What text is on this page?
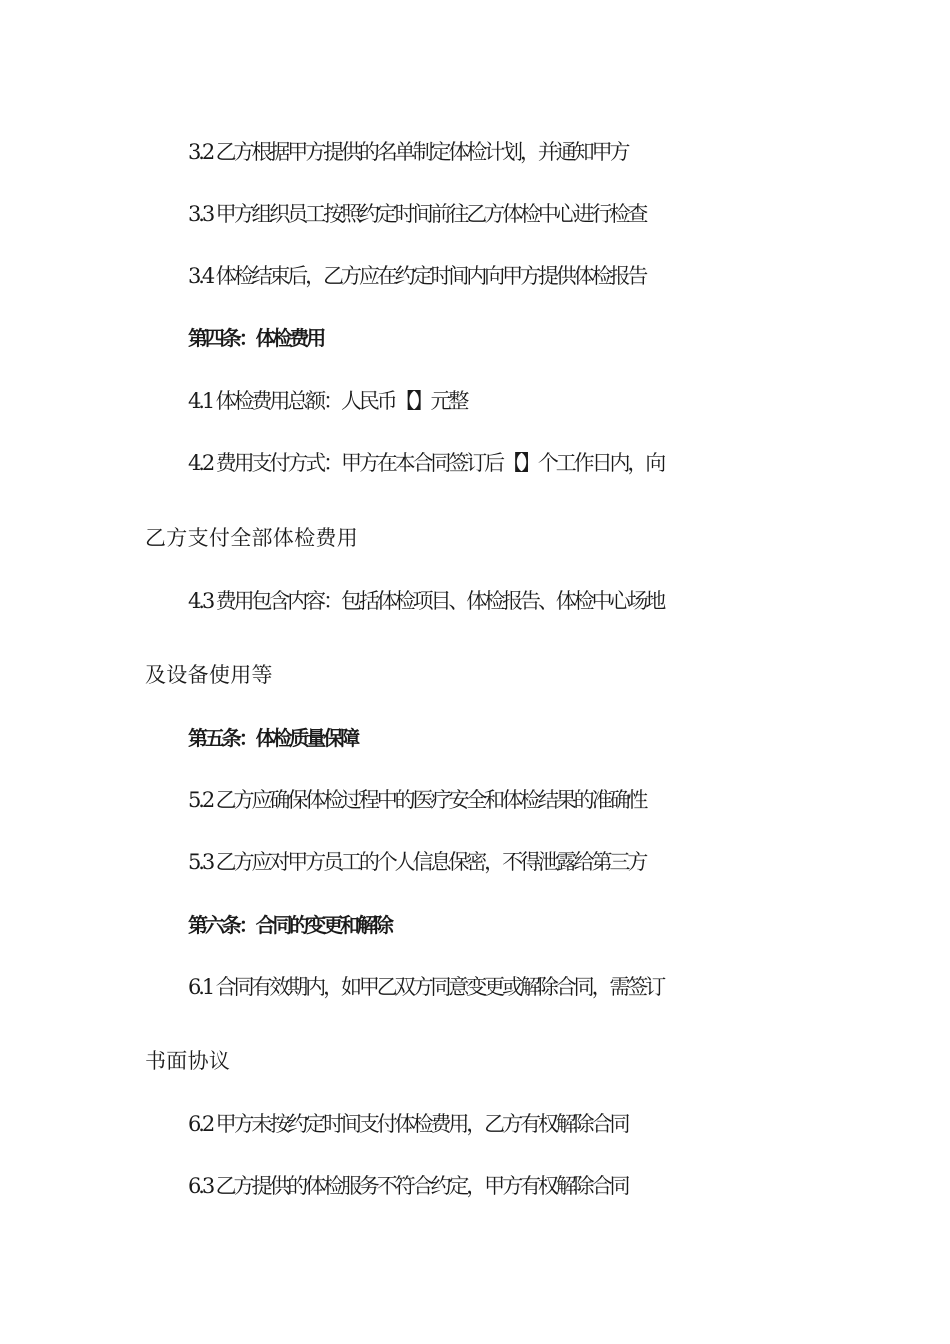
3.2 乙方根据甲方提供的名单制定体检计划，并通知甲方
3.3 甲方组织员工按照约定时间前往乙方体检中心进行检查
3.4 体检结束后，乙方应在约定时间内向甲方提供体检报告
第四条：体检费用
4.1 体检费用总额：人民币【】元整
4.2 费用支付方式：甲方在本合同签订后【】个工作日内，向
乙方支付全部体检费用
4.3 费用包含内容：包括体检项目、体检报告、体检中心场地
及设备使用等
第五条：体检质量保障
5.2 乙方应确保体检过程中的医疗安全和体检结果的准确性
5.3 乙方应对甲方员工的个人信息保密，不得泄露给第三方
第六条：合同的变更和解除
6.1 合同有效期内，如甲乙双方同意变更或解除合同，需签订
书面协议
6.2 甲方未按约定时间支付体检费用，乙方有权解除合同
6.3 乙方提供的体检服务不符合约定，甲方有权解除合同
